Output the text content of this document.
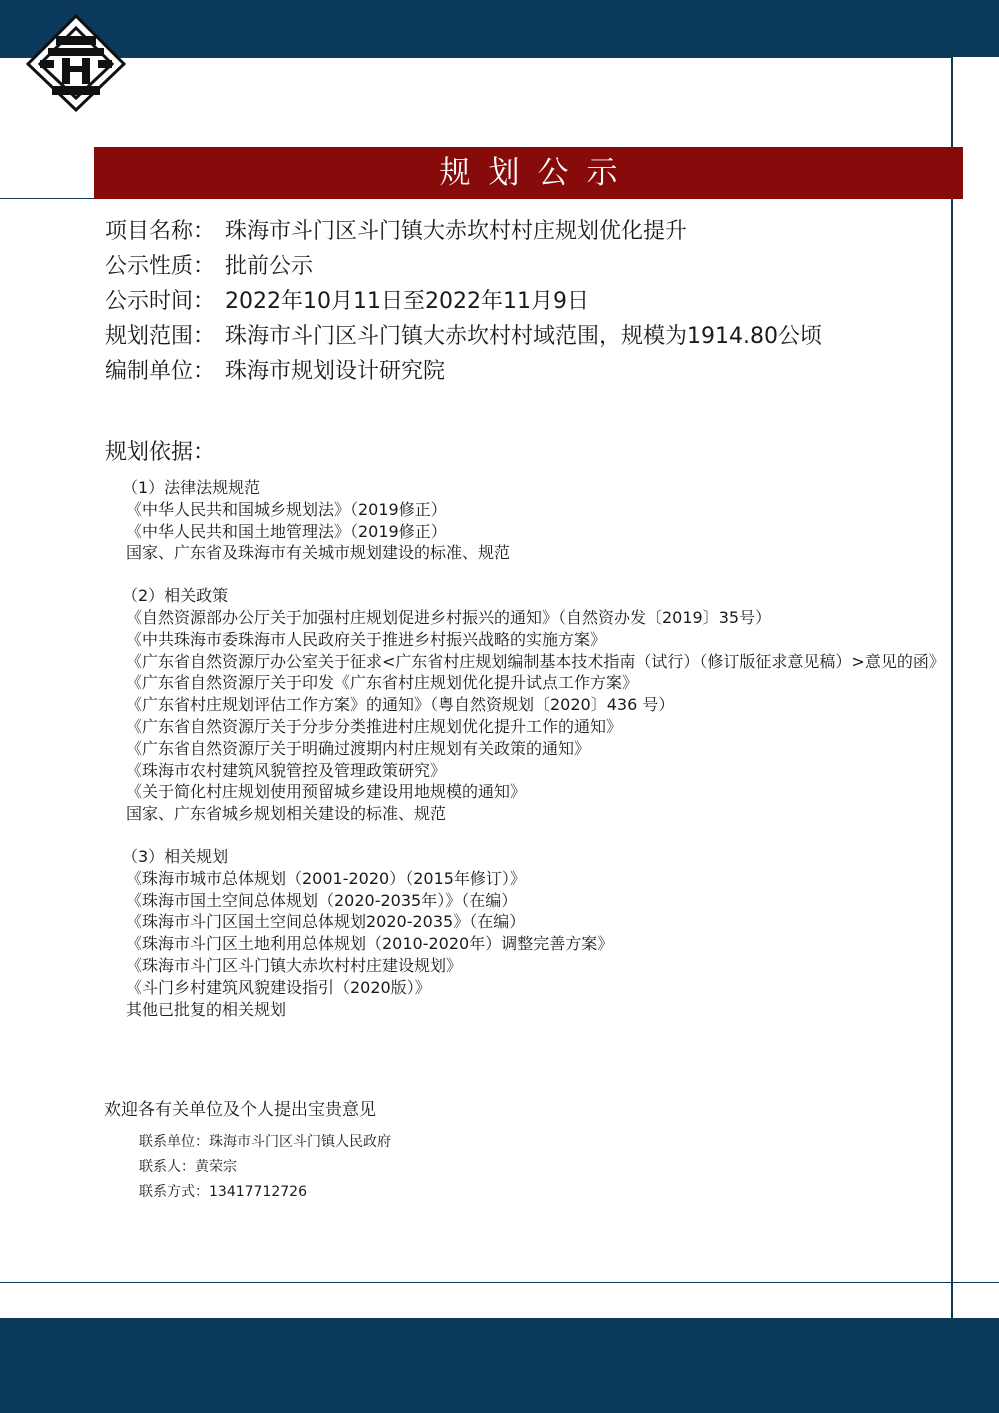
规划公示
项目名称： 珠海市斗门区斗门镇大赤坎村村庄规划优化提升
公示性质： 批前公示
公示时间： 2022年10月11日至2022年11月9日
规划范围： 珠海市斗门区斗门镇大赤坎村村域范围，规模为1914.80公顷
编制单位： 珠海市规划设计研究院
规划依据：
（1）法律法规规范
《中华人民共和国城乡规划法》（2019修正）
《中华人民共和国土地管理法》（2019修正）
国家、广东省及珠海市有关城市规划建设的标准、规范
（2）相关政策
《自然资源部办公厅关于加强村庄规划促进乡村振兴的通知》（自然资办发〔2019〕35号）
《中共珠海市委珠海市人民政府关于推进乡村振兴战略的实施方案》
《广东省自然资源厅办公室关于征求<广东省村庄规划编制基本技术指南（试行）（修订版征求意见稿）>意见的函》
《广东省自然资源厅关于印发《广东省村庄规划优化提升试点工作方案》
《广东省村庄规划评估工作方案》的通知》（粤自然资规划〔2020〕436 号）
《广东省自然资源厅关于分步分类推进村庄规划优化提升工作的通知》
《广东省自然资源厅关于明确过渡期内村庄规划有关政策的通知》
《珠海市农村建筑风貌管控及管理政策研究》
《关于简化村庄规划使用预留城乡建设用地规模的通知》
国家、广东省城乡规划相关建设的标准、规范
（3）相关规划
《珠海市城市总体规划（2001-2020）（2015年修订）》
《珠海市国土空间总体规划（2020-2035年）》（在编）
《珠海市斗门区国土空间总体规划2020-2035》（在编）
《珠海市斗门区土地利用总体规划（2010-2020年）调整完善方案》
《珠海市斗门区斗门镇大赤坎村村庄建设规划》
《斗门乡村建筑风貌建设指引（2020版）》
其他已批复的相关规划
欢迎各有关单位及个人提出宝贵意见
联系单位：珠海市斗门区斗门镇人民政府
联系人：黄荣宗
联系方式：13417712726
